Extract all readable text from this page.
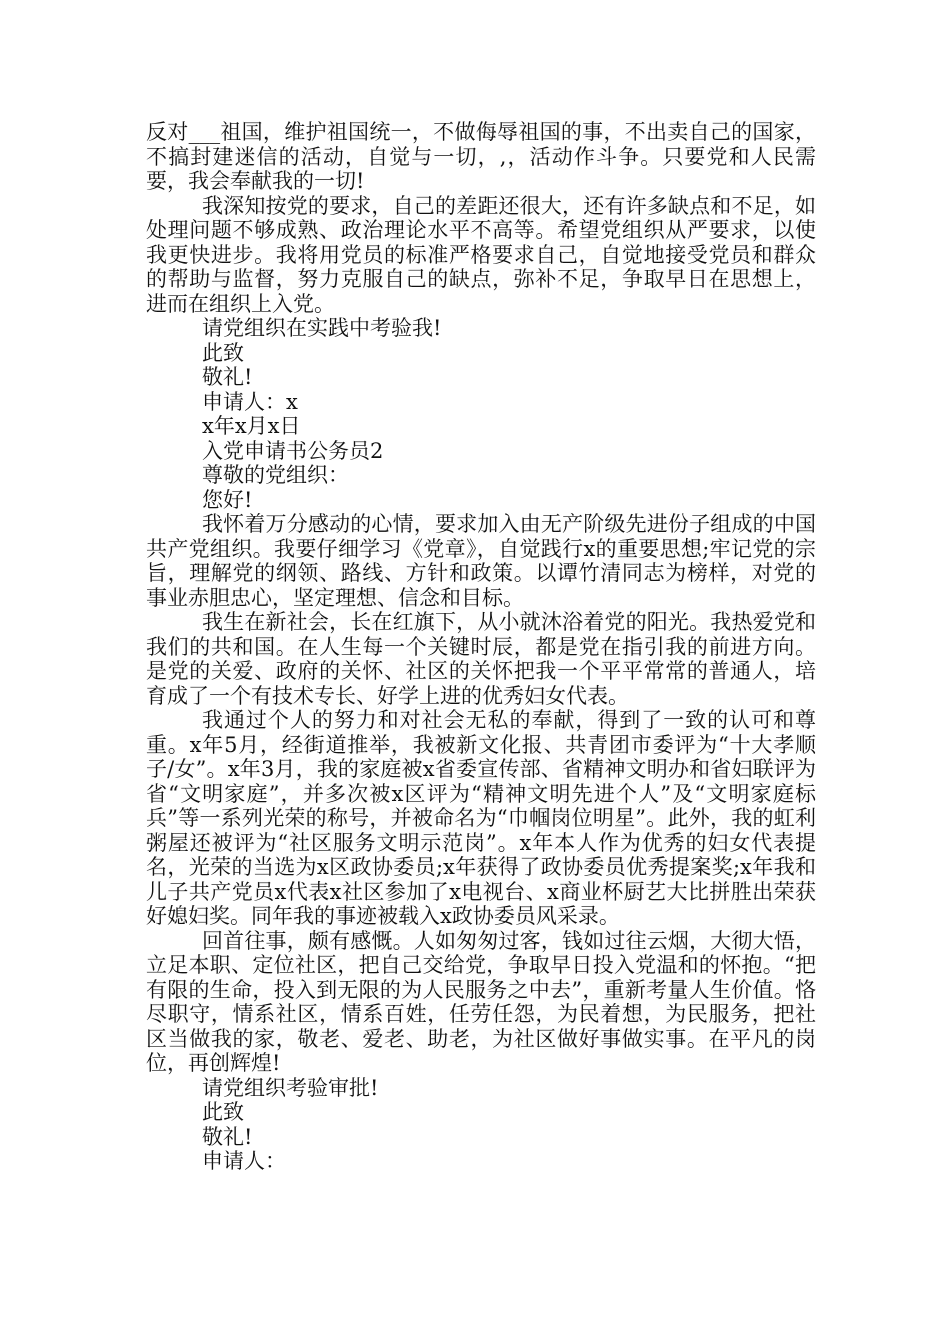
反对___祖国，维护祖国统一，不做侮辱祖国的事，不出卖自己的国家，不搞封建迷信的活动，自觉与一切，,，活动作斗争。只要党和人民需要，我会奉献我的一切!

我深知按党的要求，自己的差距还很大，还有许多缺点和不足，如处理问题不够成熟、政治理论水平不高等。希望党组织从严要求，以使我更快进步。我将用党员的标准严格要求自己，自觉地接受党员和群众的帮助与监督，努力克服自己的缺点，弥补不足，争取早日在思想上，进而在组织上入党。

请党组织在实践中考验我!

此致

敬礼!

申请人：x

x年x月x日

入党申请书公务员2

尊敬的党组织：

您好!

我怀着万分感动的心情，要求加入由无产阶级先进份子组成的中国共产党组织。我要仔细学习《党章》，自觉践行x的重要思想;牢记党的宗旨，理解党的纲领、路线、方针和政策。以谭竹清同志为榜样，对党的事业赤胆忠心，坚定理想、信念和目标。

我生在新社会，长在红旗下，从小就沐浴着党的阳光。我热爱党和我们的共和国。在人生每一个关键时辰，都是党在指引我的前进方向。是党的关爱、政府的关怀、社区的关怀把我一个平平常常的普通人，培育成了一个有技术专长、好学上进的优秀妇女代表。

我通过个人的努力和对社会无私的奉献，得到了一致的认可和尊重。x年5月，经街道推举，我被新文化报、共青团市委评为“十大孝顺子/女”。x年3月，我的家庭被x省委宣传部、省精神文明办和省妇联评为省“文明家庭”，并多次被x区评为“精神文明先进个人”及“文明家庭标兵”等一系列光荣的称号，并被命名为“巾帼岗位明星”。此外，我的虹利粥屋还被评为“社区服务文明示范岗”。x年本人作为优秀的妇女代表提名，光荣的当选为x区政协委员;x年获得了政协委员优秀提案奖;x年我和儿子共产党员x代表x社区参加了x电视台、x商业杯厨艺大比拼胜出荣获好媳妇奖。同年我的事迹被载入x政协委员风采录。

回首往事，颇有感慨。人如匆匆过客，钱如过往云烟，大彻大悟，立足本职、定位社区，把自己交给党，争取早日投入党温和的怀抱。“把有限的生命，投入到无限的为人民服务之中去”，重新考量人生价值。恪尽职守，情系社区，情系百姓，任劳任怨，为民着想，为民服务，把社区当做我的家，敬老、爱老、助老，为社区做好事做实事。在平凡的岗位，再创辉煌!

请党组织考验审批!

此致

敬礼!

申请人：
